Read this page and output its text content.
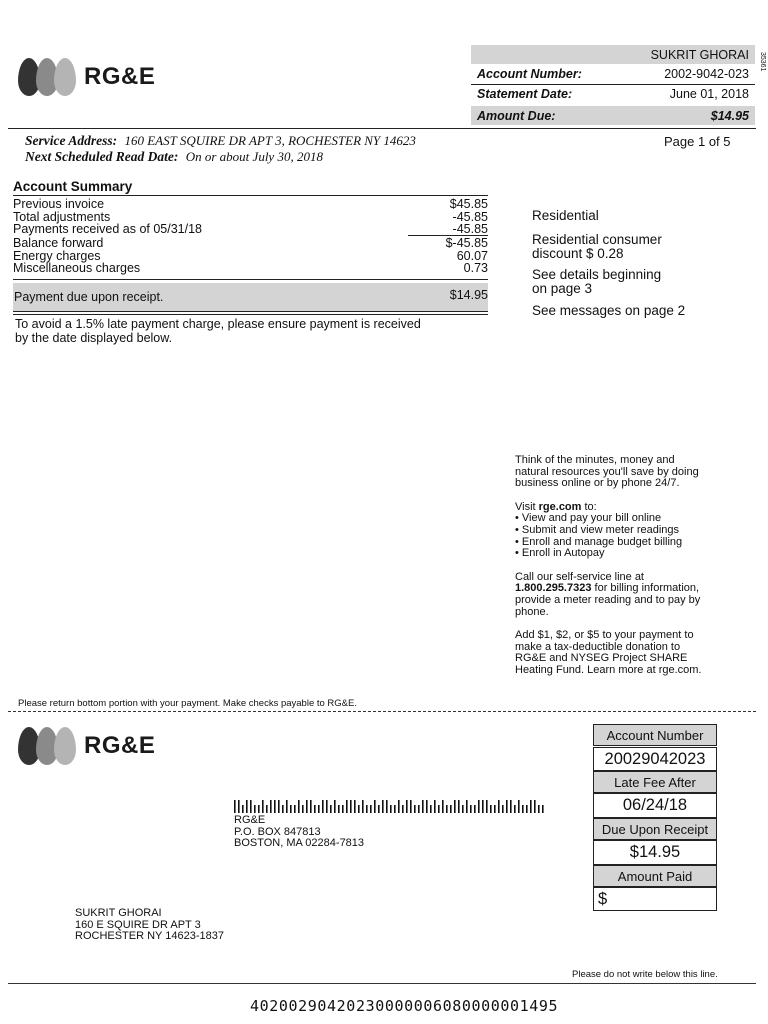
RG&E
SUKRIT GHORAI
Account Number:	2002-9042-023
Statement Date:	June 01, 2018
Amount Due:	$14.95
35361
Service Address: 160 EAST SQUIRE DR APT 3, ROCHESTER NY 14623
Next Scheduled Read Date: On or about July 30, 2018
Page 1 of 5
Account Summary
Previous invoice	$45.85
Total adjustments	-45.85
Payments received as of 05/31/18	-45.85
Balance forward	$-45.85
Energy charges	60.07
Miscellaneous charges	0.73
Payment due upon receipt.	$14.95
To avoid a 1.5% late payment charge, please ensure payment is received by the date displayed below.
Residential
Residential consumer
discount $ 0.28
See details beginning
on page 3
See messages on page 2
Think of the minutes, money and
natural resources you'll save by doing
business online or by phone 24/7.
Visit rge.com to:
• View and pay your bill online
• Submit and view meter readings
• Enroll and manage budget billing
• Enroll in Autopay
Call our self-service line at
1.800.295.7323 for billing information,
provide a meter reading and to pay by
phone.
Add $1, $2, or $5 to your payment to
make a tax-deductible donation to
RG&E and NYSEG Project SHARE
Heating Fund. Learn more at rge.com.
Please return bottom portion with your payment. Make checks payable to RG&E.
RG&E
RG&E
P.O. BOX 847813
BOSTON, MA 02284-7813
SUKRIT GHORAI
160 E SQUIRE DR APT 3
ROCHESTER NY 14623-1837
Account Number
20029042023
Late Fee After
06/24/18
Due Upon Receipt
$14.95
Amount Paid
$
Please do not write below this line.
40200290420230000006080000001495
